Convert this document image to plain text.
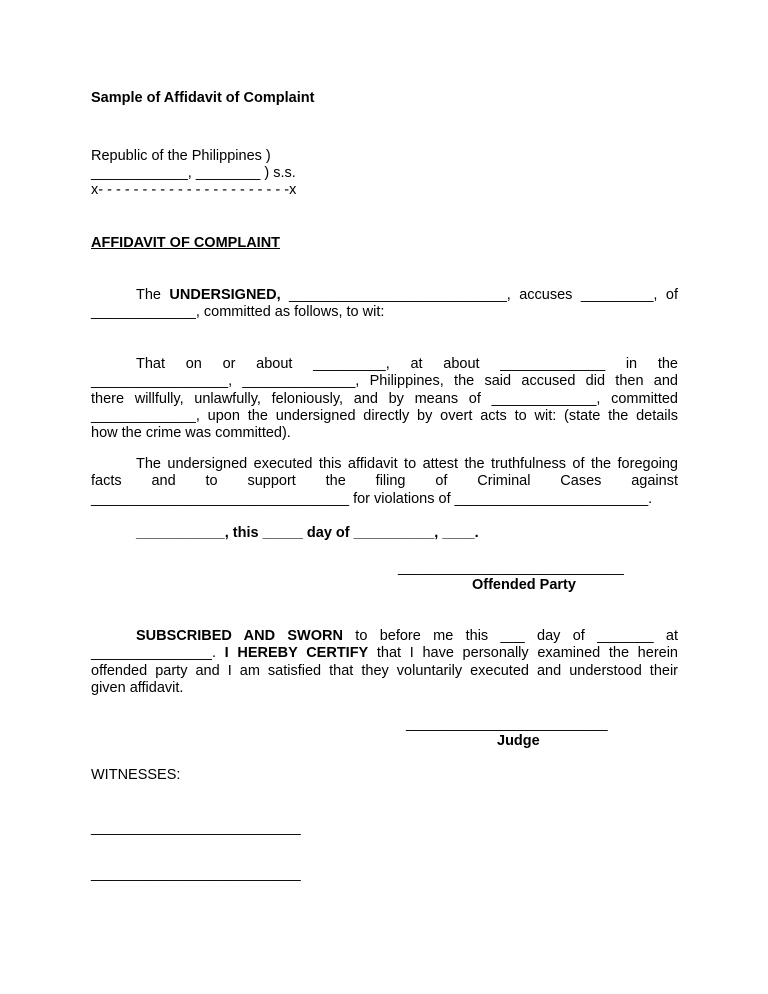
Sample of Affidavit of Complaint
Republic of the Philippines )
____________, ________ ) s.s.
x- - - - - - - - - - - - - - - - - - - - - -x
AFFIDAVIT OF COMPLAINT
The UNDERSIGNED, ___________________________, accuses _________, of
_____________, committed as follows, to wit:
That on or about _________, at about _____________ in the
_________________, ______________, Philippines, the said accused did then and
there willfully, unlawfully, feloniously, and by means of _____________, committed
_____________, upon the undersigned directly by overt acts to wit: (state the details
how the crime was committed).
The undersigned executed this affidavit to attest the truthfulness of the foregoing
facts and to support the filing of Criminal Cases against
________________________________ for violations of ________________________.
___________, this _____ day of __________, ____.
____________________________
Offended Party
SUBSCRIBED AND SWORN to before me this ___ day of _______ at
_______________. I HEREBY CERTIFY that I have personally examined the herein
offended party and I am satisfied that they voluntarily executed and understood their
given affidavit.
_________________________
Judge
WITNESSES:
__________________________
__________________________
